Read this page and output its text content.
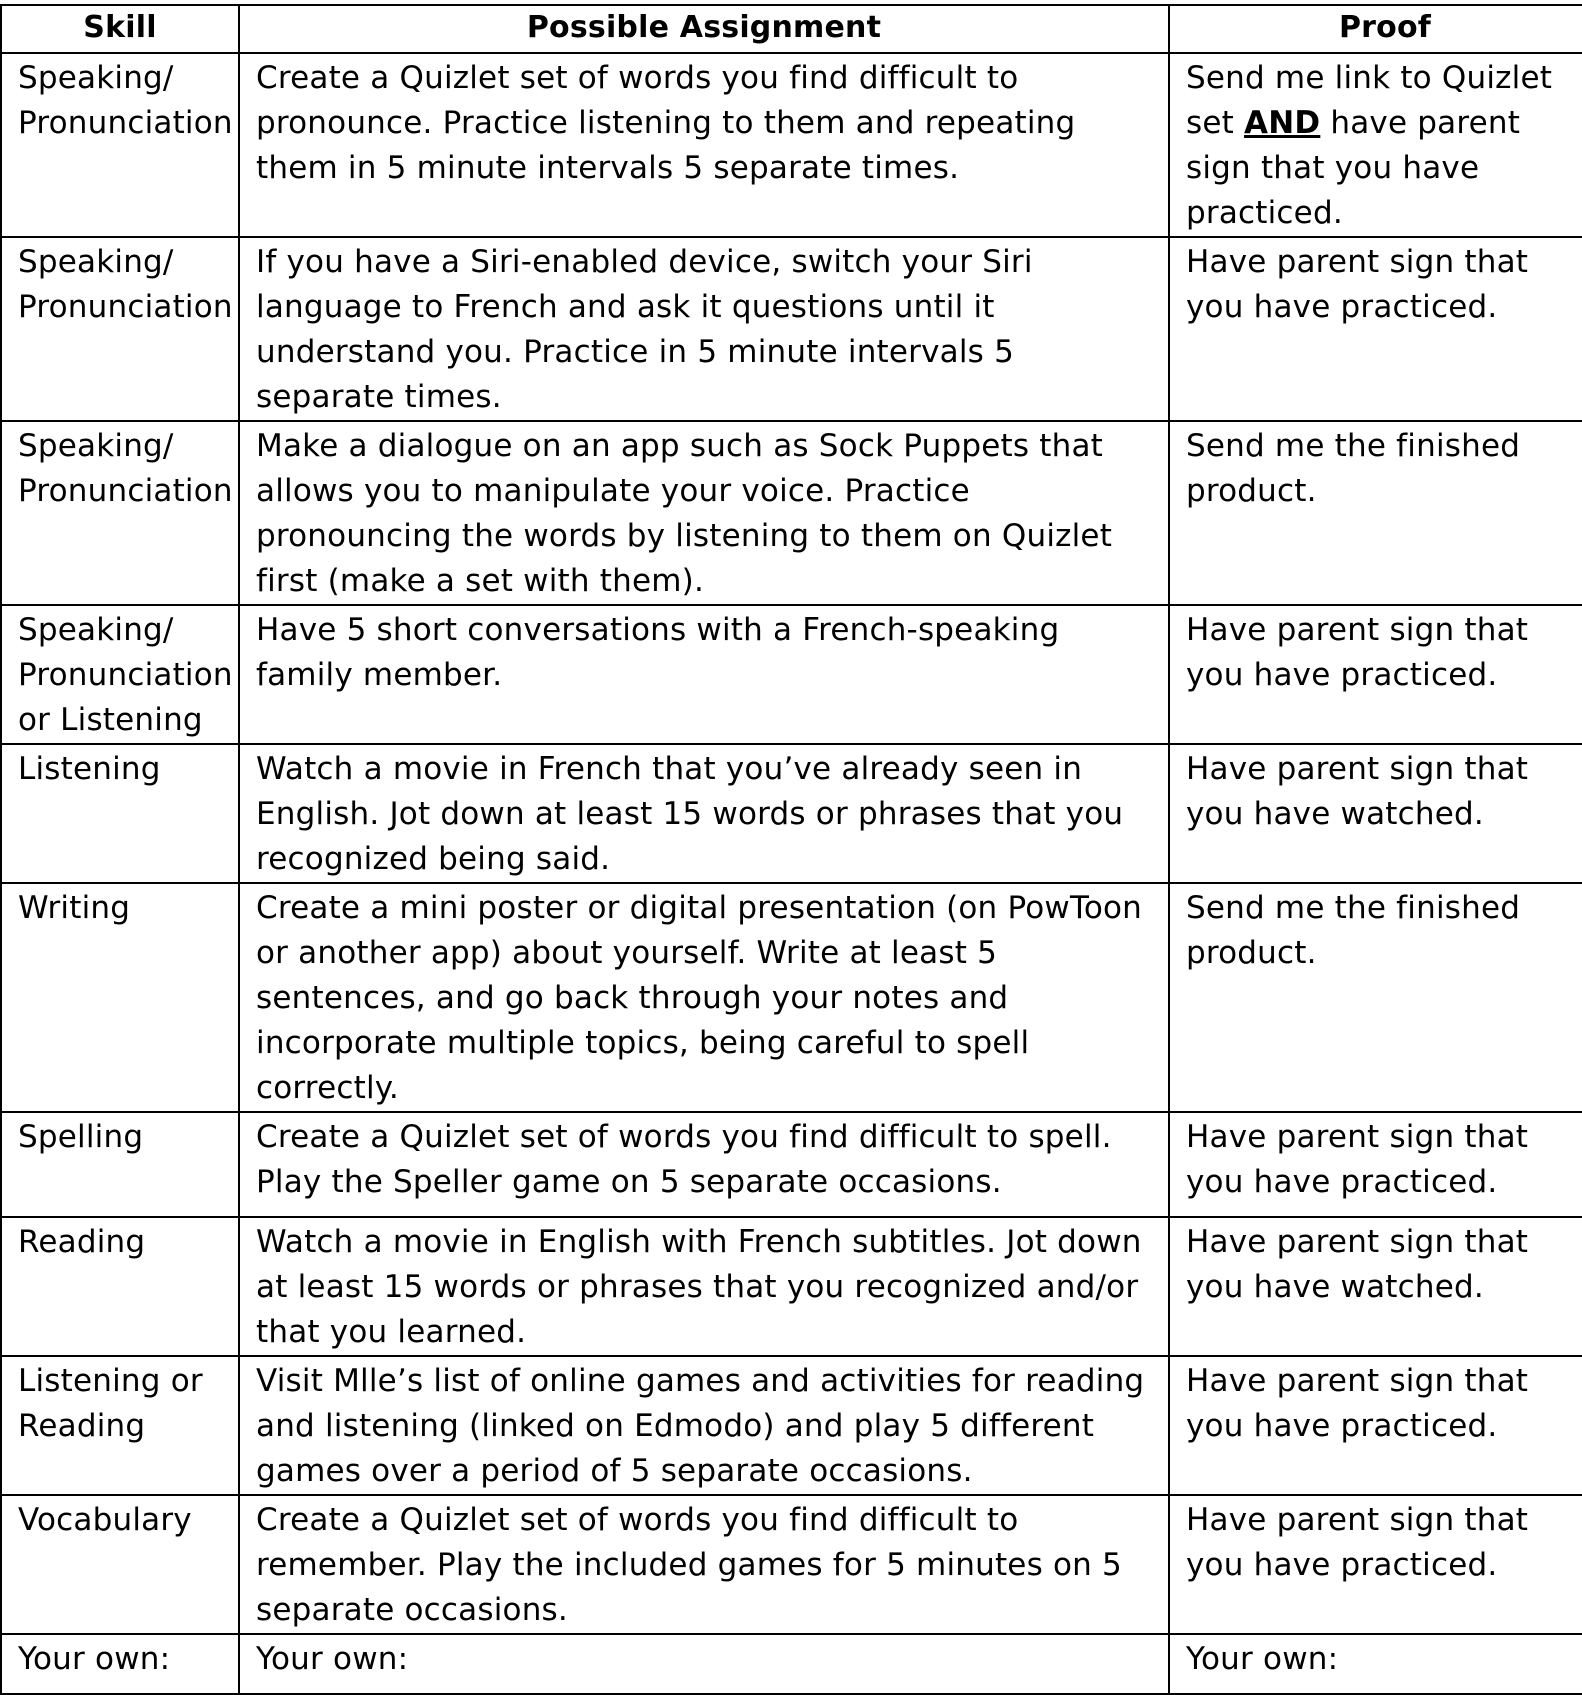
Skill	Possible Assignment	Proof
Speaking/ Pronunciation	Create a Quizlet set of words you find difficult to pronounce. Practice listening to them and repeating them in 5 minute intervals 5 separate times.	Send me link to Quizlet set AND have parent sign that you have practiced.
Speaking/ Pronunciation	If you have a Siri-enabled device, switch your Siri language to French and ask it questions until it understand you. Practice in 5 minute intervals 5 separate times.	Have parent sign that you have practiced.
Speaking/ Pronunciation	Make a dialogue on an app such as Sock Puppets that allows you to manipulate your voice. Practice pronouncing the words by listening to them on Quizlet first (make a set with them).	Send me the finished product.
Speaking/ Pronunciation or Listening	Have 5 short conversations with a French-speaking family member.	Have parent sign that you have practiced.
Listening	Watch a movie in French that you’ve already seen in English. Jot down at least 15 words or phrases that you recognized being said.	Have parent sign that you have watched.
Writing	Create a mini poster or digital presentation (on PowToon or another app) about yourself. Write at least 5 sentences, and go back through your notes and incorporate multiple topics, being careful to spell correctly.	Send me the finished product.
Spelling	Create a Quizlet set of words you find difficult to spell. Play the Speller game on 5 separate occasions.	Have parent sign that you have practiced.
Reading	Watch a movie in English with French subtitles. Jot down at least 15 words or phrases that you recognized and/or that you learned.	Have parent sign that you have watched.
Listening or Reading	Visit Mlle’s list of online games and activities for reading and listening (linked on Edmodo) and play 5 different games over a period of 5 separate occasions.	Have parent sign that you have practiced.
Vocabulary	Create a Quizlet set of words you find difficult to remember. Play the included games for 5 minutes on 5 separate occasions.	Have parent sign that you have practiced.
Your own:	Your own:	Your own:
